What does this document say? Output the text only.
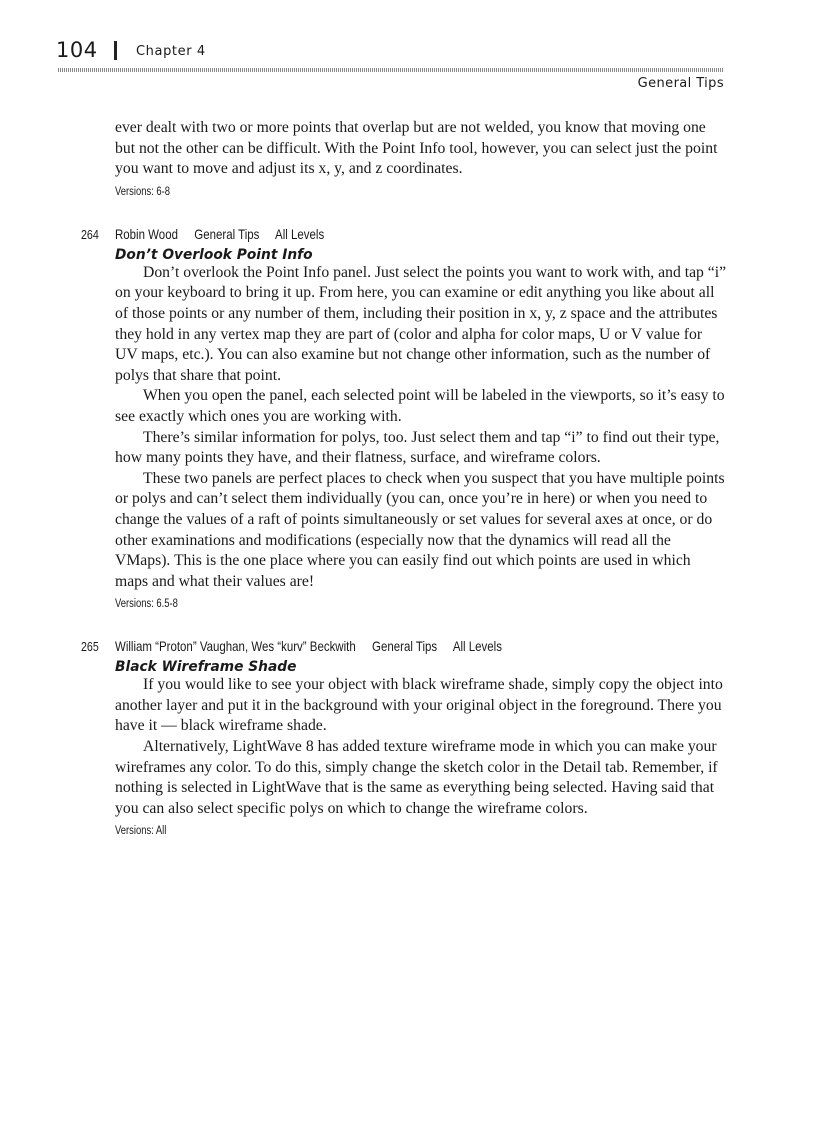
104	Chapter 4
General Tips

ever dealt with two or more points that overlap but are not welded, you know that moving one but not the other can be difficult. With the Point Info tool, however, you can select just the point you want to move and adjust its x, y, and z coordinates.

Versions: 6-8
264 Robin Wood General Tips All Levels
Don’t Overlook Point Info

Don’t overlook the Point Info panel. Just select the points you want to work with, and tap “i” on your keyboard to bring it up. From here, you can examine or edit anything you like about all of those points or any number of them, including their position in x, y, z space and the attributes they hold in any vertex map they are part of (color and alpha for color maps, U or V value for UV maps, etc.). You can also examine but not change other information, such as the number of polys that share that point.

When you open the panel, each selected point will be labeled in the viewports, so it’s easy to see exactly which ones you are working with.

There’s similar information for polys, too. Just select them and tap “i” to find out their type, how many points they have, and their flatness, surface, and wireframe colors.

These two panels are perfect places to check when you suspect that you have multiple points or polys and can’t select them individually (you can, once you’re in here) or when you need to change the values of a raft of points simultaneously or set values for several axes at once, or do other examinations and modifications (especially now that the dynamics will read all the VMaps). This is the one place where you can easily find out which points are used in which maps and what their values are!

Versions: 6.5-8
265 William “Proton” Vaughan, Wes “kurv” Beckwith General Tips All Levels
Black Wireframe Shade

If you would like to see your object with black wireframe shade, simply copy the object into another layer and put it in the background with your original object in the foreground. There you have it — black wireframe shade.

Alternatively, LightWave 8 has added texture wireframe mode in which you can make your wireframes any color. To do this, simply change the sketch color in the Detail tab. Remember, if nothing is selected in LightWave that is the same as everything being selected. Having said that you can also select specific polys on which to change the wireframe colors.

Versions: All
